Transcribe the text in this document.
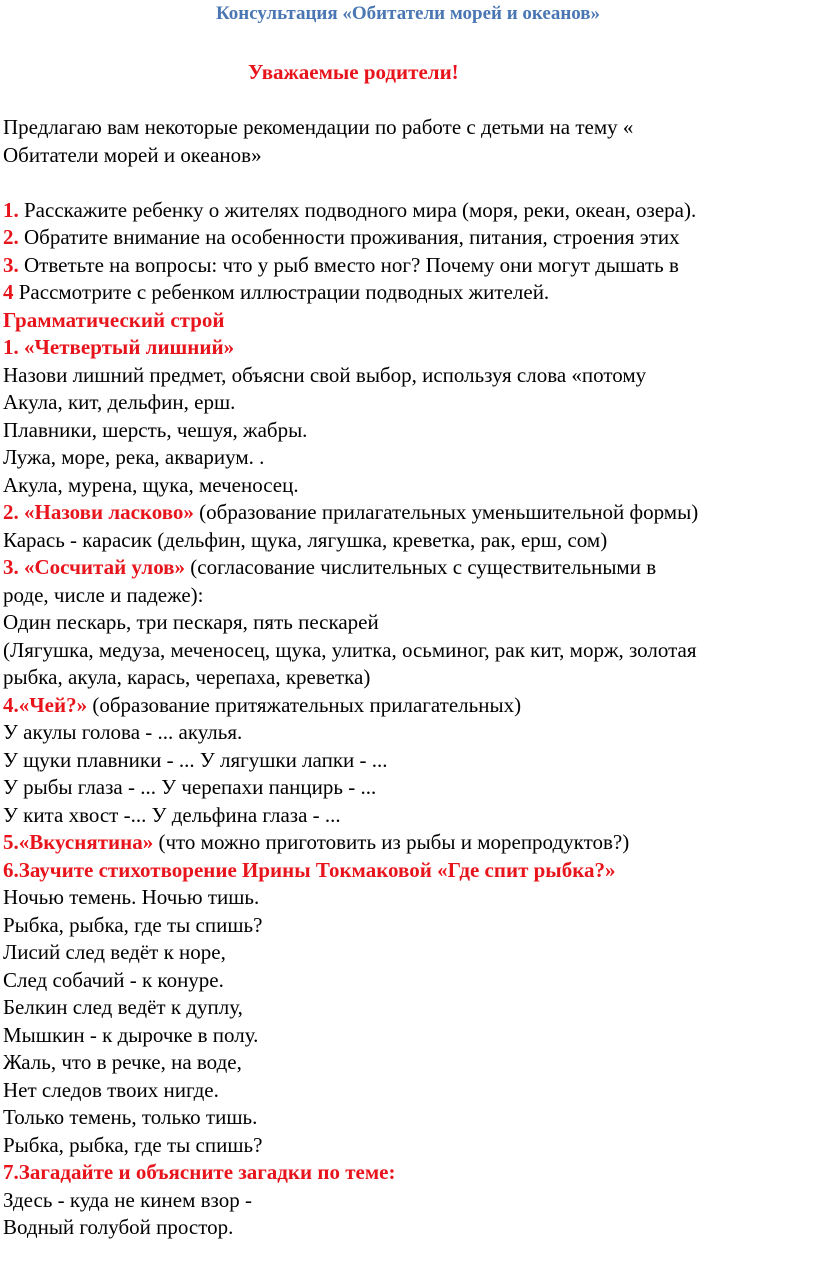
Консультация «Обитатели морей и океанов»
Уважаемые родители!
Предлагаю вам некоторые рекомендации по работе с детьми на тему «
Обитатели морей и океанов»
1. Расскажите ребенку о жителях подводного мира (моря, реки, океан, озера).
2. Обратите внимание на особенности проживания, питания, строения этих
3. Ответьте на вопросы: что у рыб вместо ног? Почему они могут дышать в
4 Рассмотрите с ребенком иллюстрации подводных жителей.
Грамматический строй
1. «Четвертый лишний»
Назови лишний предмет, объясни свой выбор, используя слова «потому
Акула, кит, дельфин, ерш.
Плавники, шерсть, чешуя, жабры.
Лужа, море, река, аквариум. .
Акула, мурена, щука, меченосец.
2. «Назови ласково» (образование прилагательных уменьшительной формы)
Карась - карасик (дельфин, щука, лягушка, креветка, рак, ерш, сом)
3. «Сосчитай улов» (согласование числительных с существительными в
роде, числе и падеже):
Один пескарь, три пескаря, пять пескарей
(Лягушка, медуза, меченосец, щука, улитка, осьминог, рак кит, морж, золотая
рыбка, акула, карась, черепаха, креветка)
4.«Чей?» (образование притяжательных прилагательных)
У акулы голова - ... акулья.
У щуки плавники - ... У лягушки лапки - ...
У рыбы глаза - ... У черепахи панцирь - ...
У кита хвост -... У дельфина глаза - ...
5.«Вкуснятина» (что можно приготовить из рыбы и морепродуктов?)
6.Заучите стихотворение Ирины Токмаковой «Где спит рыбка?»
Ночью темень. Ночью тишь.
Рыбка, рыбка, где ты спишь?
Лисий след ведёт к норе,
След собачий - к конуре.
Белкин след ведёт к дуплу,
Мышкин - к дырочке в полу.
Жаль, что в речке, на воде,
Нет следов твоих нигде.
Только темень, только тишь.
Рыбка, рыбка, где ты спишь?
7.Загадайте и объясните загадки по теме:
Здесь - куда не кинем взор -
Водный голубой простор.
